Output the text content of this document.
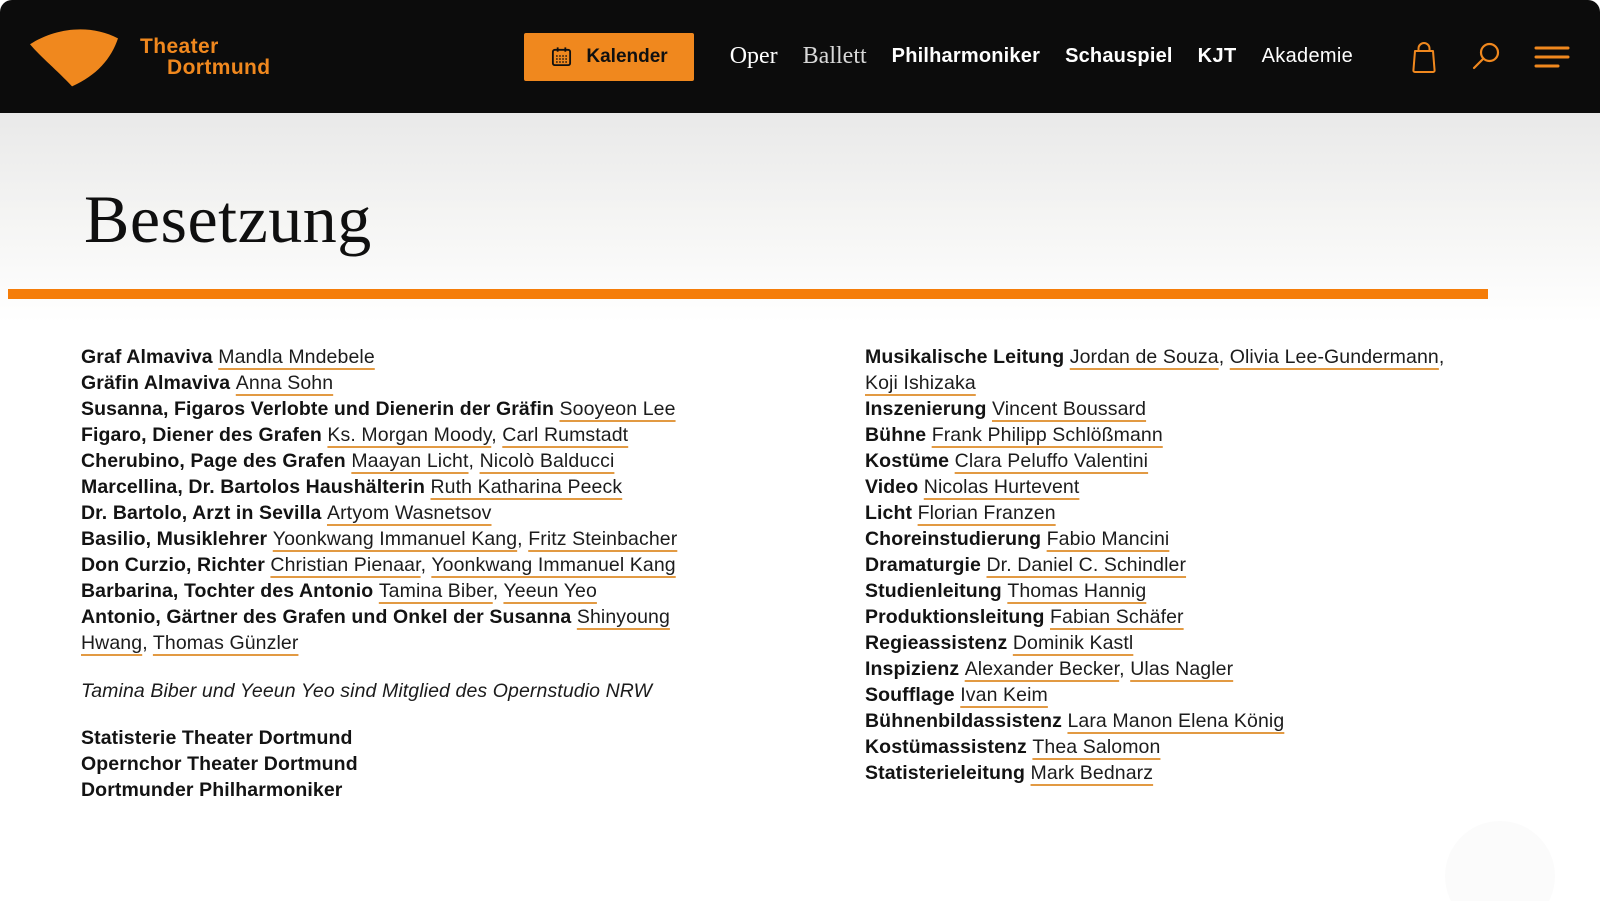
Theater
Dortmund	Kalender	Oper Ballett Philharmoniker Schauspiel KJT Akademie
Besetzung

Graf Almaviva Mandla Mndebele

Gräfin Almaviva Anna Sohn

Susanna, Figaros Verlobte und Dienerin der Gräfin Sooyeon Lee

Figaro, Diener des Grafen Ks. Morgan Moody, Carl Rumstadt

Cherubino, Page des Grafen Maayan Licht, Nicolò Balducci

Marcellina, Dr. Bartolos Haushälterin Ruth Katharina Peeck

Dr. Bartolo, Arzt in Sevilla Artyom Wasnetsov

Basilio, Musiklehrer Yoonkwang Immanuel Kang, Fritz Steinbacher

Don Curzio, Richter Christian Pienaar, Yoonkwang Immanuel Kang

Barbarina, Tochter des Antonio Tamina Biber, Yeeun Yeo

Antonio, Gärtner des Grafen und Onkel der Susanna Shinyoung Hwang, Thomas Günzler

Tamina Biber und Yeeun Yeo sind Mitglied des Opernstudio NRW

Statisterie Theater Dortmund

Opernchor Theater Dortmund

Dortmunder Philharmoniker

Musikalische Leitung Jordan de Souza, Olivia Lee-Gundermann, Koji Ishizaka

Inszenierung Vincent Boussard

Bühne Frank Philipp Schlößmann

Kostüme Clara Peluffo Valentini

Video Nicolas Hurtevent

Licht Florian Franzen

Choreinstudierung Fabio Mancini

Dramaturgie Dr. Daniel C. Schindler

Studienleitung Thomas Hannig

Produktionsleitung Fabian Schäfer

Regieassistenz Dominik Kastl

Inspizienz Alexander Becker, Ulas Nagler

Soufflage Ivan Keim

Bühnenbildassistenz Lara Manon Elena König

Kostümassistenz Thea Salomon

Statisterieleitung Mark Bednarz
